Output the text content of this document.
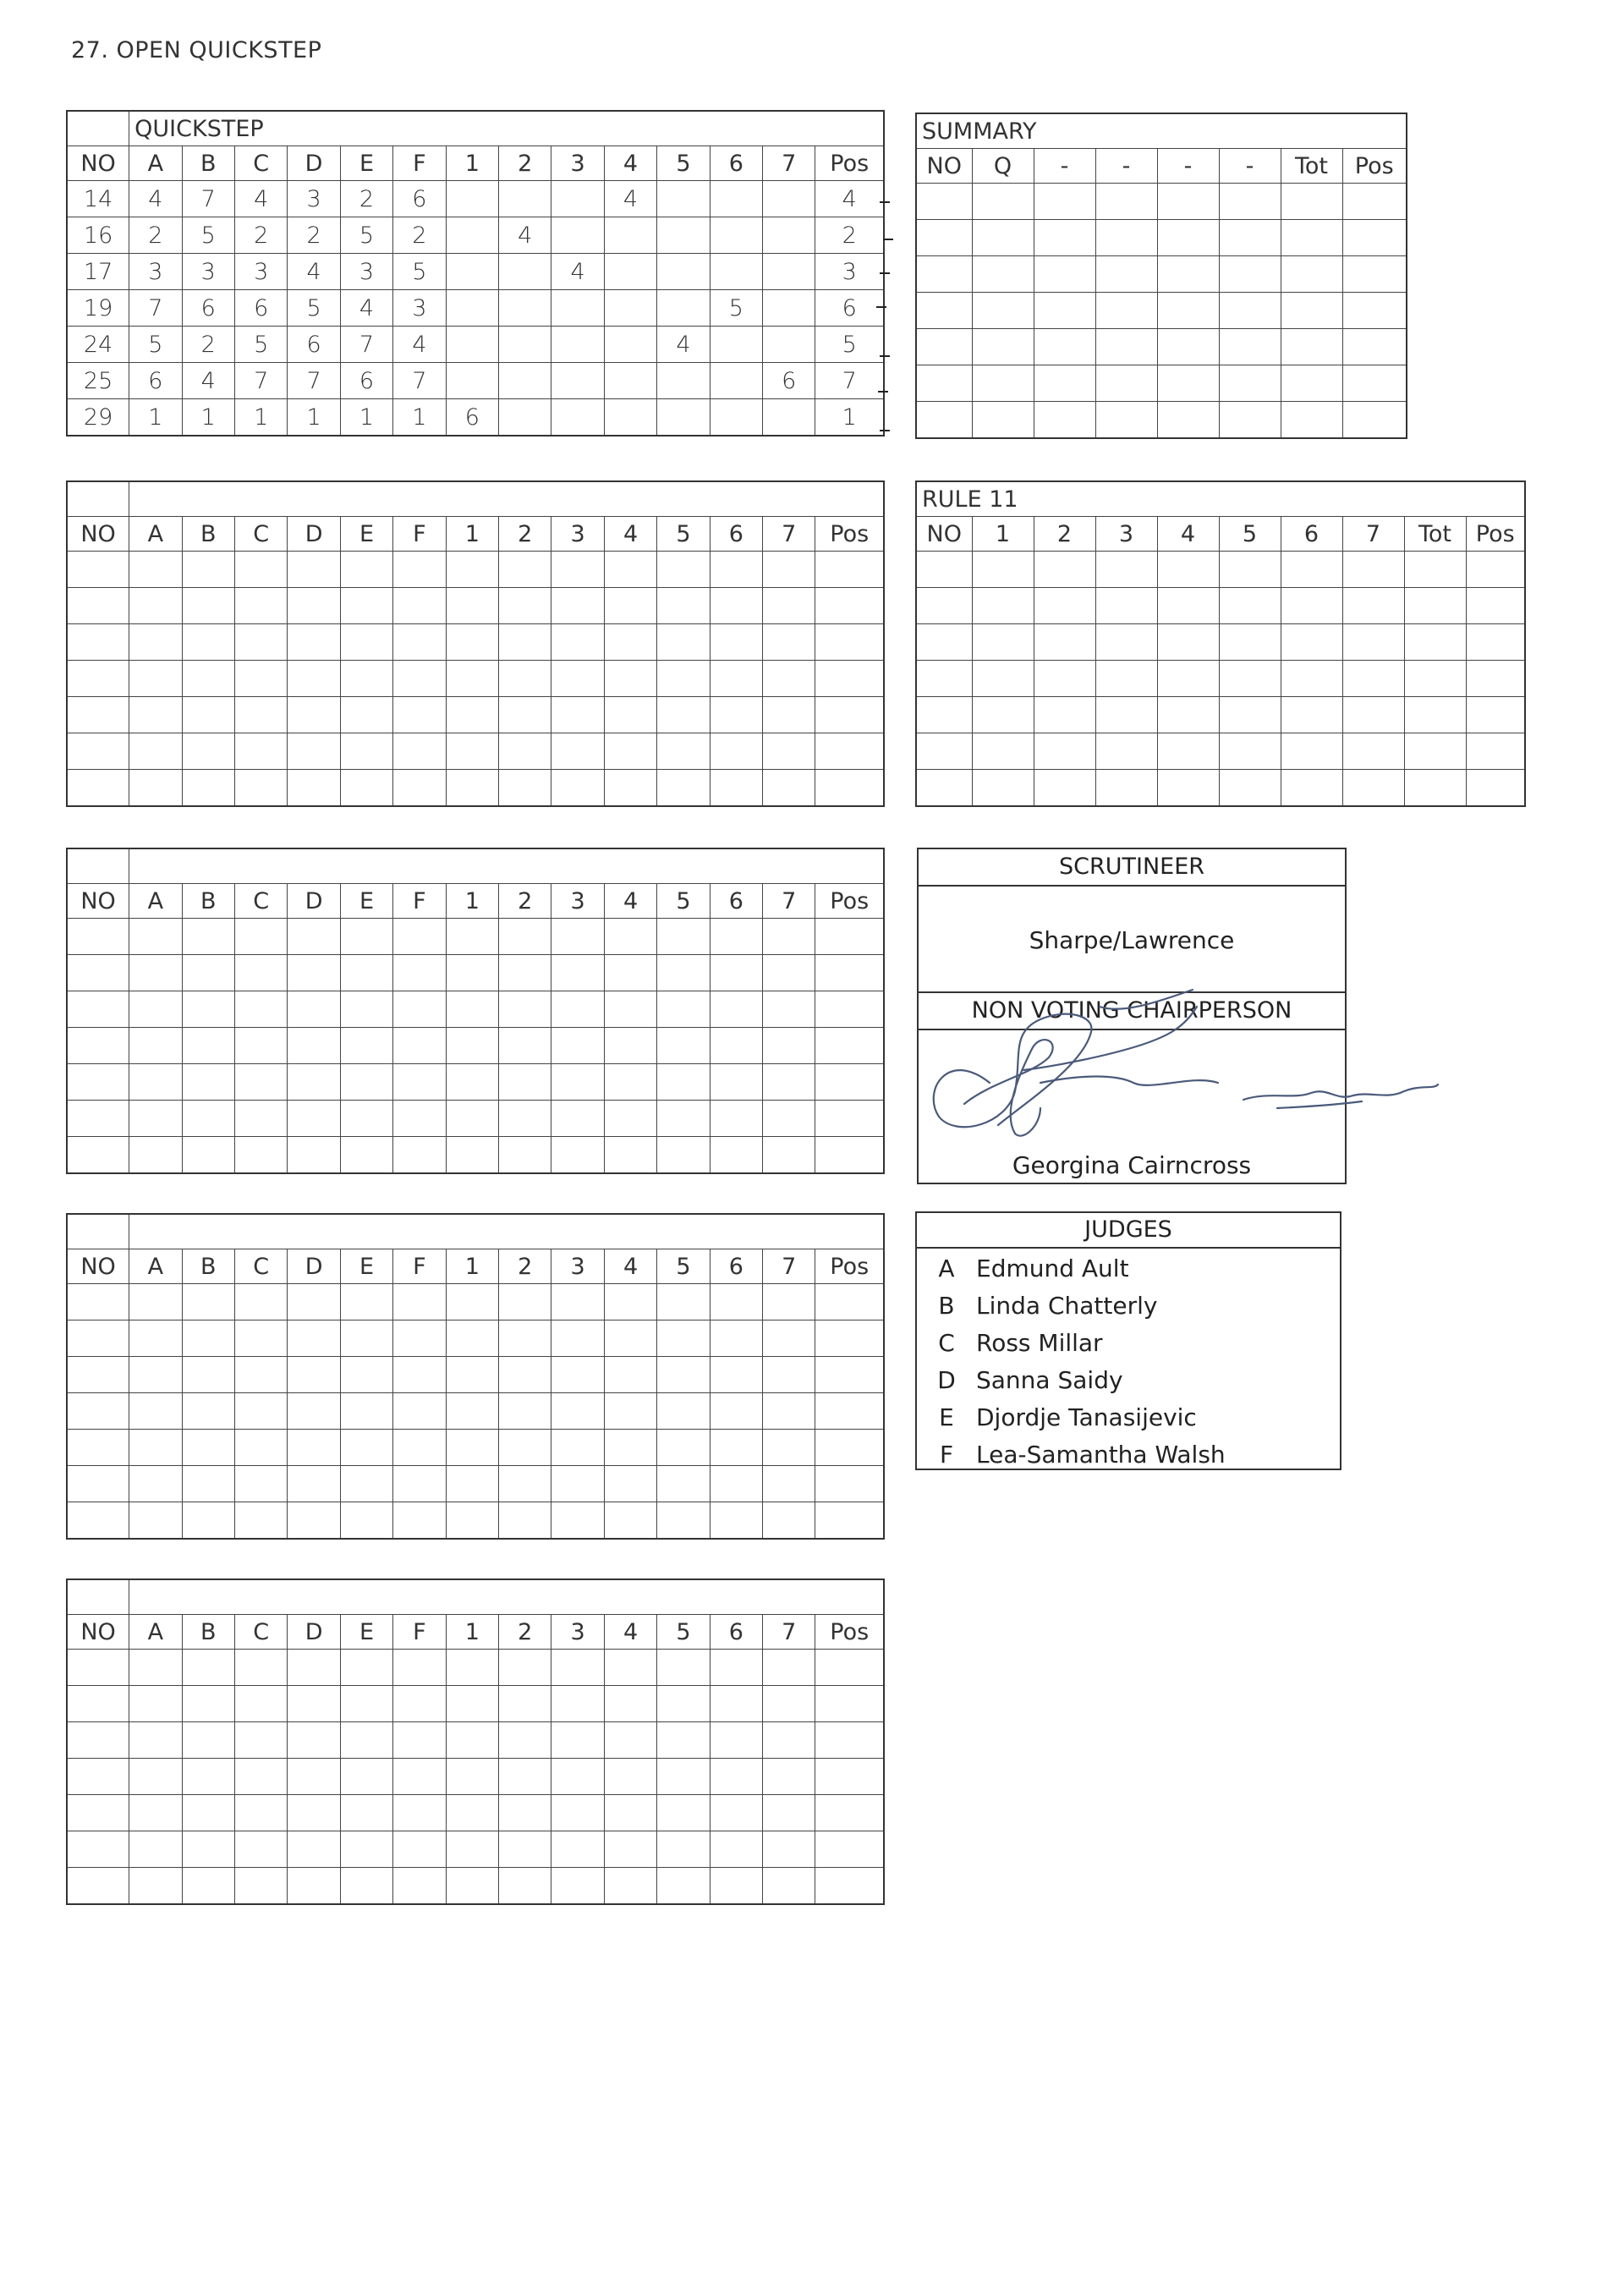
27. OPEN QUICKSTEP
	QUICKSTEP													
NO	A	B	C	D	E	F	1	2	3	4	5	6	7	Pos
14	4	7	4	3	2	6				4				4
16	2	5	2	2	5	2		4						2
17	3	3	3	4	3	5			4					3
19	7	6	6	5	4	3						5		6
24	5	2	5	6	7	4					4			5
25	6	4	7	7	6	7							6	7
29	1	1	1	1	1	1	6							1
SUMMARY							
NO	Q	-	-	-	-	Tot	Pos

NO	A	B	C	D	E	F	1	2	3	4	5	6	7	Pos

RULE 11									
NO	1	2	3	4	5	6	7	Tot	Pos

NO	A	B	C	D	E	F	1	2	3	4	5	6	7	Pos

SCRUTINEER
Sharpe/Lawrence
NON VOTING CHAIRPERSON
Georgina Cairncross

NO	A	B	C	D	E	F	1	2	3	4	5	6	7	Pos

JUDGES
A Edmund Ault
B Linda Chatterly
C Ross Millar
D Sanna Saidy
E Djordje Tanasijevic
F Lea-Samantha Walsh

NO	A	B	C	D	E	F	1	2	3	4	5	6	7	Pos
